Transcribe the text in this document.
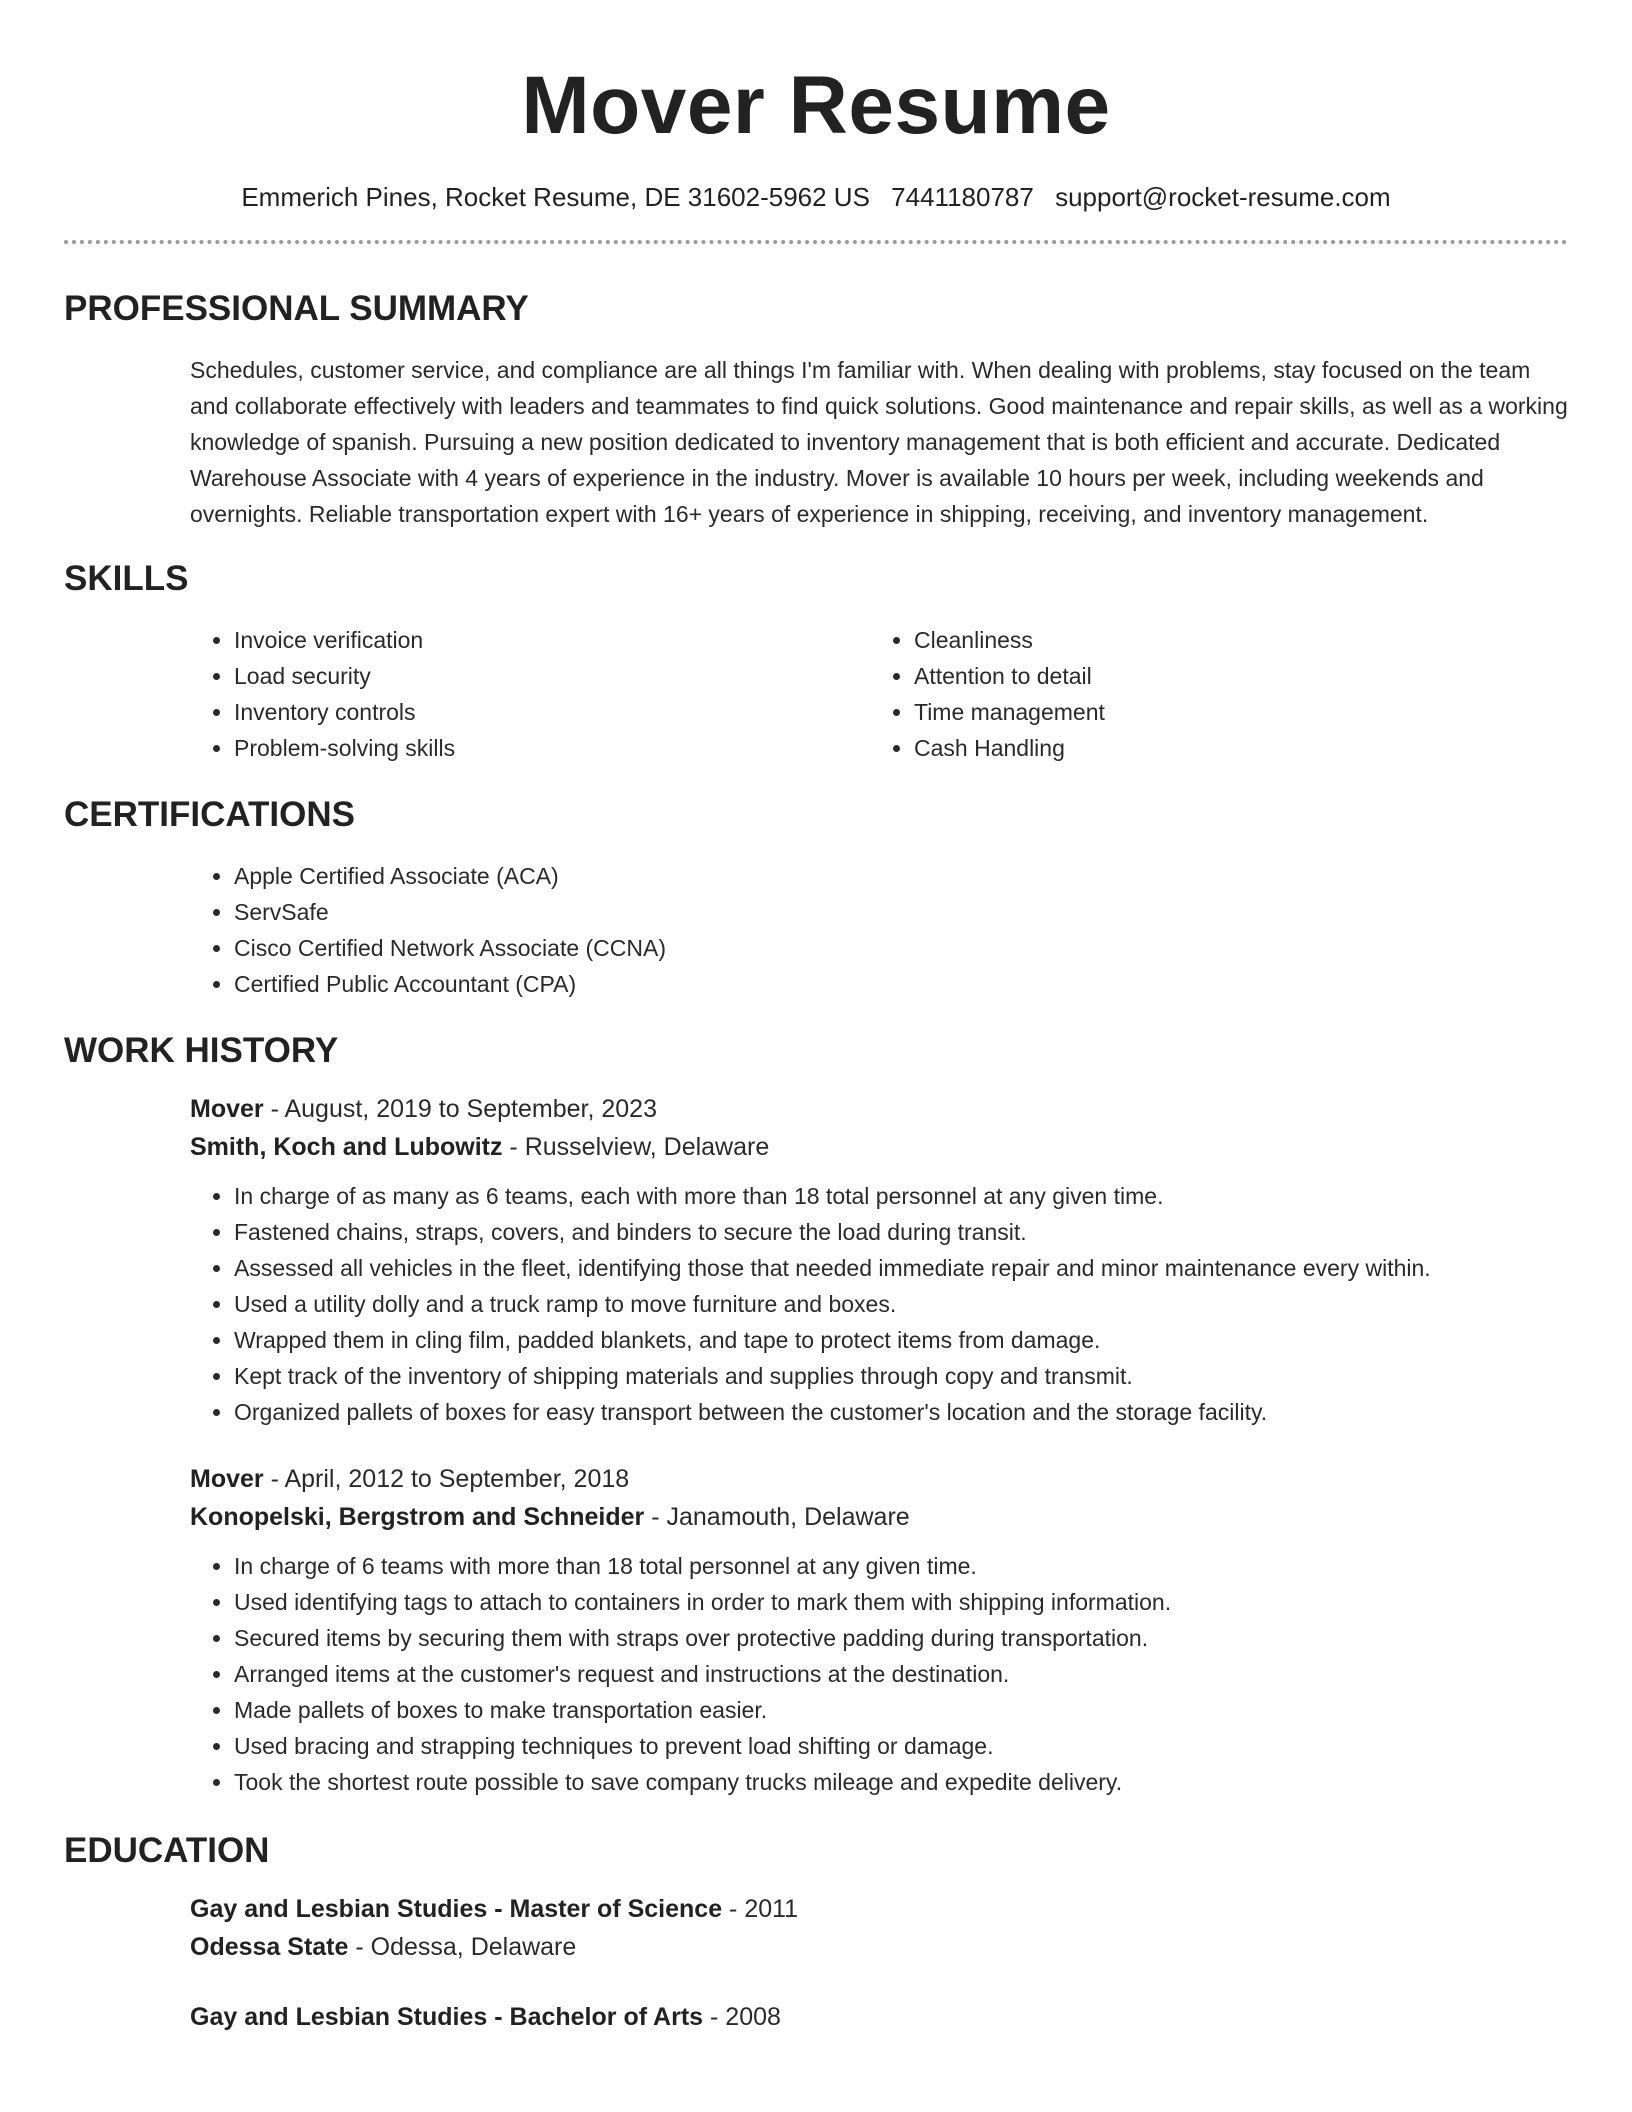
Mover Resume
Emmerich Pines, Rocket Resume, DE 31602-5962 US 7441180787 support@rocket-resume.com
PROFESSIONAL SUMMARY

Schedules, customer service, and compliance are all things I'm familiar with. When dealing with problems, stay focused on the team and collaborate effectively with leaders and teammates to find quick solutions. Good maintenance and repair skills, as well as a working knowledge of spanish. Pursuing a new position dedicated to inventory management that is both efficient and accurate. Dedicated Warehouse Associate with 4 years of experience in the industry. Mover is available 10 hours per week, including weekends and overnights. Reliable transportation expert with 16+ years of experience in shipping, receiving, and inventory management.

SKILLS
• Invoice verification
• Load security
• Inventory controls
• Problem-solving skills
• Cleanliness
• Attention to detail
• Time management
• Cash Handling
CERTIFICATIONS
• Apple Certified Associate (ACA)
• ServSafe
• Cisco Certified Network Associate (CCNA)
• Certified Public Accountant (CPA)
WORK HISTORY
Mover - August, 2019 to September, 2023
Smith, Koch and Lubowitz - Russelview, Delaware
• In charge of as many as 6 teams, each with more than 18 total personnel at any given time.
• Fastened chains, straps, covers, and binders to secure the load during transit.
• Assessed all vehicles in the fleet, identifying those that needed immediate repair and minor maintenance every within.
• Used a utility dolly and a truck ramp to move furniture and boxes.
• Wrapped them in cling film, padded blankets, and tape to protect items from damage.
• Kept track of the inventory of shipping materials and supplies through copy and transmit.
• Organized pallets of boxes for easy transport between the customer's location and the storage facility.
Mover - April, 2012 to September, 2018
Konopelski, Bergstrom and Schneider - Janamouth, Delaware
• In charge of 6 teams with more than 18 total personnel at any given time.
• Used identifying tags to attach to containers in order to mark them with shipping information.
• Secured items by securing them with straps over protective padding during transportation.
• Arranged items at the customer's request and instructions at the destination.
• Made pallets of boxes to make transportation easier.
• Used bracing and strapping techniques to prevent load shifting or damage.
• Took the shortest route possible to save company trucks mileage and expedite delivery.
EDUCATION
Gay and Lesbian Studies - Master of Science - 2011
Odessa State - Odessa, Delaware
Gay and Lesbian Studies - Bachelor of Arts - 2008
